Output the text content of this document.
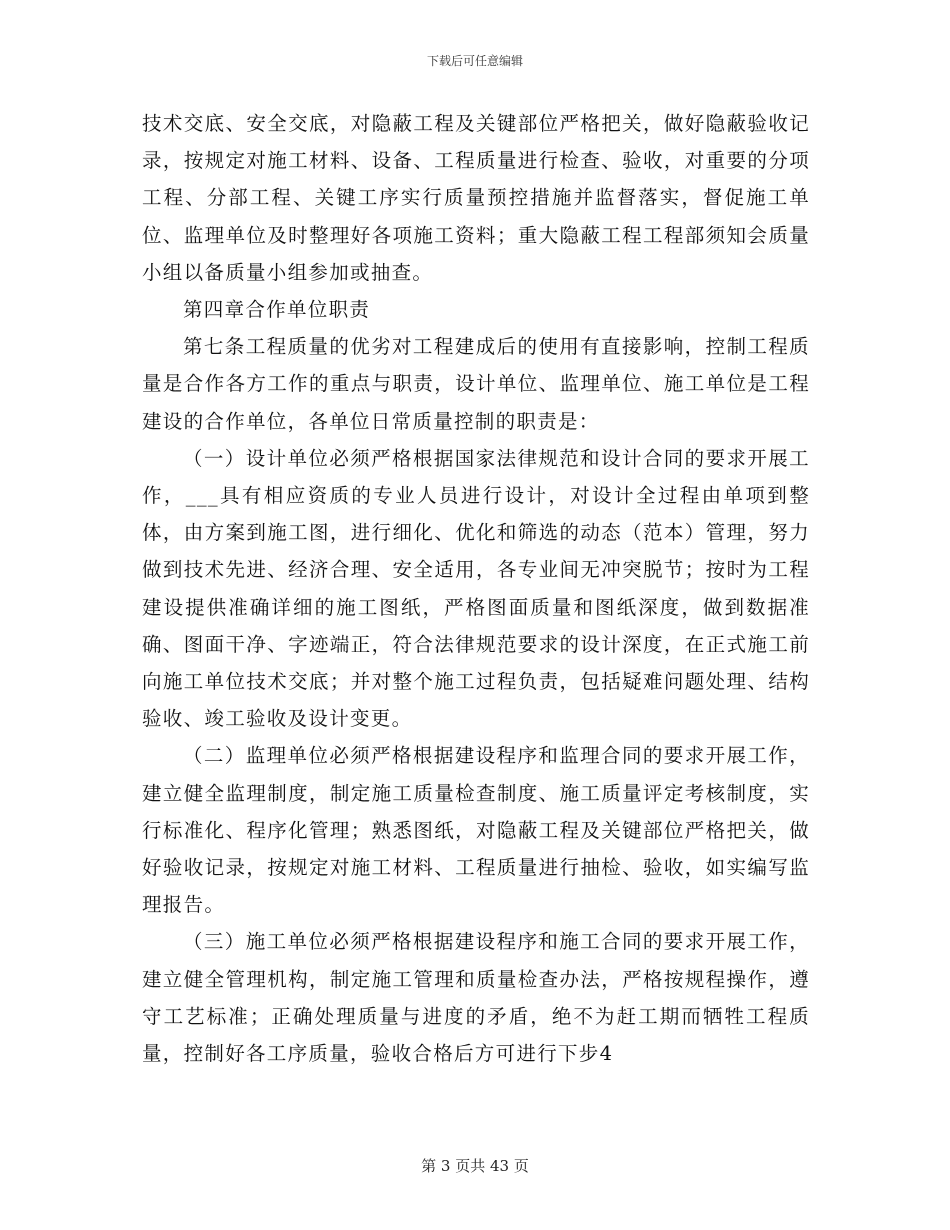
下载后可任意编辑

技术交底、安全交底，对隐蔽工程及关键部位严格把关，做好隐蔽验收记录，按规定对施工材料、设备、工程质量进行检查、验收，对重要的分项工程、分部工程、关键工序实行质量预控措施并监督落实，督促施工单位、监理单位及时整理好各项施工资料；重大隐蔽工程工程部须知会质量小组以备质量小组参加或抽查。

第四章合作单位职责

第七条工程质量的优劣对工程建成后的使用有直接影响，控制工程质量是合作各方工作的重点与职责，设计单位、监理单位、施工单位是工程建设的合作单位，各单位日常质量控制的职责是：

（一）设计单位必须严格根据国家法律规范和设计合同的要求开展工作，___具有相应资质的专业人员进行设计，对设计全过程由单项到整体，由方案到施工图，进行细化、优化和筛选的动态（范本）管理，努力做到技术先进、经济合理、安全适用，各专业间无冲突脱节；按时为工程建设提供准确详细的施工图纸，严格图面质量和图纸深度，做到数据准确、图面干净、字迹端正，符合法律规范要求的设计深度，在正式施工前向施工单位技术交底；并对整个施工过程负责，包括疑难问题处理、结构验收、竣工验收及设计变更。

（二）监理单位必须严格根据建设程序和监理合同的要求开展工作，建立健全监理制度，制定施工质量检查制度、施工质量评定考核制度，实行标准化、程序化管理；熟悉图纸，对隐蔽工程及关键部位严格把关，做好验收记录，按规定对施工材料、工程质量进行抽检、验收，如实编写监理报告。

（三）施工单位必须严格根据建设程序和施工合同的要求开展工作，建立健全管理机构，制定施工管理和质量检查办法，严格按规程操作，遵守工艺标准；正确处理质量与进度的矛盾，绝不为赶工期而牺牲工程质量，控制好各工序质量，验收合格后方可进行下步4

第 3 页共 43 页
